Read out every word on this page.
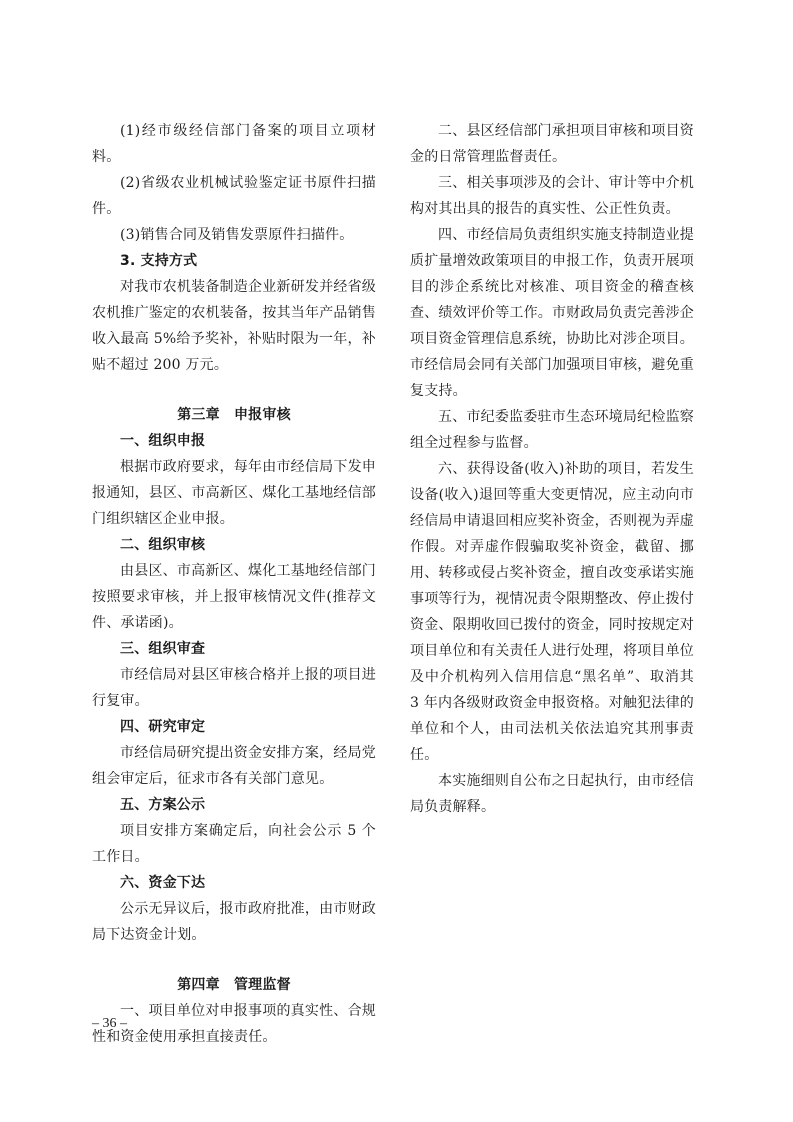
(1)经市级经信部门备案的项目立项材料。

(2)省级农业机械试验鉴定证书原件扫描件。

(3)销售合同及销售发票原件扫描件。

3. 支持方式

对我市农机装备制造企业新研发并经省级农机推广鉴定的农机装备，按其当年产品销售收入最高 5%给予奖补，补贴时限为一年，补贴不超过 200 万元。

第三章　申报审核

一、组织申报

根据市政府要求，每年由市经信局下发申报通知，县区、市高新区、煤化工基地经信部门组织辖区企业申报。

二、组织审核

由县区、市高新区、煤化工基地经信部门按照要求审核，并上报审核情况文件(推荐文件、承诺函)。

三、组织审查

市经信局对县区审核合格并上报的项目进行复审。

四、研究审定

市经信局研究提出资金安排方案，经局党组会审定后，征求市各有关部门意见。

五、方案公示

项目安排方案确定后，向社会公示 5 个工作日。

六、资金下达

公示无异议后，报市政府批准，由市财政局下达资金计划。

第四章　管理监督

一、项目单位对申报事项的真实性、合规性和资金使用承担直接责任。

二、县区经信部门承担项目审核和项目资金的日常管理监督责任。

三、相关事项涉及的会计、审计等中介机构对其出具的报告的真实性、公正性负责。

四、市经信局负责组织实施支持制造业提质扩量增效政策项目的申报工作，负责开展项目的涉企系统比对核准、项目资金的稽查核查、绩效评价等工作。市财政局负责完善涉企项目资金管理信息系统，协助比对涉企项目。市经信局会同有关部门加强项目审核，避免重复支持。

五、市纪委监委驻市生态环境局纪检监察组全过程参与监督。

六、获得设备(收入)补助的项目，若发生设备(收入)退回等重大变更情况，应主动向市经信局申请退回相应奖补资金，否则视为弄虚作假。对弄虚作假骗取奖补资金，截留、挪用、转移或侵占奖补资金，擅自改变承诺实施事项等行为，视情况责令限期整改、停止拨付资金、限期收回已拨付的资金，同时按规定对项目单位和有关责任人进行处理，将项目单位及中介机构列入信用信息“黑名单”、取消其 3 年内各级财政资金申报资格。对触犯法律的单位和个人，由司法机关依法追究其刑事责任。

本实施细则自公布之日起执行，由市经信局负责解释。

– 36 –
